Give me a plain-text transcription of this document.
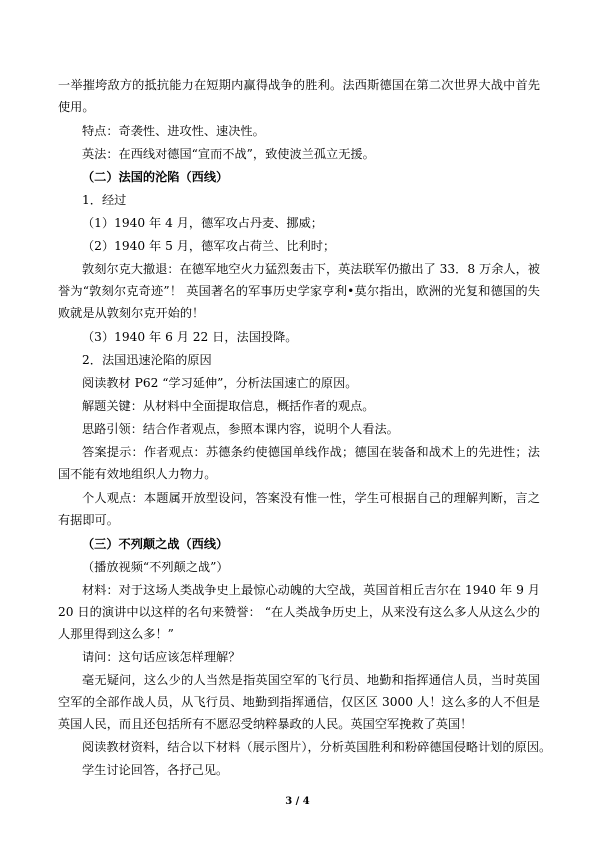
一举摧垮敌方的抵抗能力在短期内赢得战争的胜利。法西斯德国在第二次世界大战中首先使用。

特点：奇袭性、进攻性、速决性。

英法：在西线对德国“宣而不战”，致使波兰孤立无援。

（二）法国的沦陷（西线）

1．经过

（1）1940 年 4 月，德军攻占丹麦、挪威；

（2）1940 年 5 月，德军攻占荷兰、比利时；

敦刻尔克大撤退：在德军地空火力猛烈轰击下，英法联军仍撤出了 33．8 万余人，被誉为“敦刻尔克奇迹”！ 英国著名的军事历史学家亨利•莫尔指出，欧洲的光复和德国的失败就是从敦刻尔克开始的！

（3）1940 年 6 月 22 日，法国投降。

2．法国迅速沦陷的原因

阅读教材 P62 “学习延伸”，分析法国速亡的原因。

解题关键：从材料中全面提取信息，概括作者的观点。

思路引领：结合作者观点，参照本课内容，说明个人看法。

答案提示：作者观点：苏德条约使德国单线作战；德国在装备和战术上的先进性；法国不能有效地组织人力物力。

个人观点：本题属开放型设问，答案没有惟一性，学生可根据自己的理解判断，言之有据即可。

（三）不列颠之战（西线）

（播放视频“不列颠之战”）

材料：对于这场人类战争史上最惊心动魄的大空战，英国首相丘吉尔在 1940 年 9 月 20 日的演讲中以这样的名句来赞誉： “在人类战争历史上，从来没有这么多人从这么少的人那里得到这么多！”

请问：这句话应该怎样理解？

毫无疑问，这么少的人当然是指英国空军的飞行员、地勤和指挥通信人员，当时英国空军的全部作战人员，从飞行员、地勤到指挥通信，仅区区 3000 人！这么多的人不但是英国人民，而且还包括所有不愿忍受纳粹暴政的人民。英国空军挽救了英国！

阅读教材资料，结合以下材料（展示图片），分析英国胜利和粉碎德国侵略计划的原因。

学生讨论回答，各抒己见。

3 / 4
